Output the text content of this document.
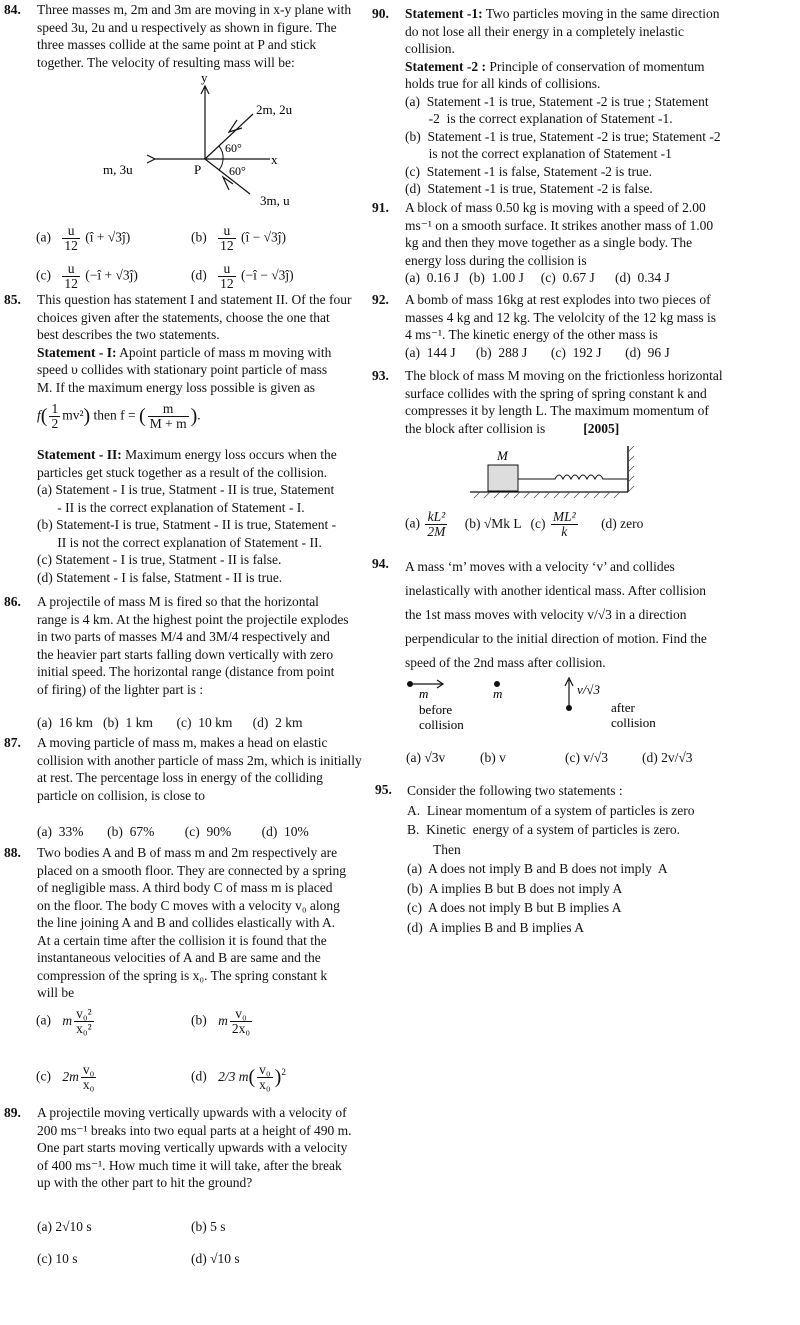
84. Three masses m, 2m and 3m are moving in x-y plane with
speed 3u, 2u and u respectively as shown in figure. The
three masses collide at the same point at P and stick
together. The velocity of resulting mass will be:
y
x
m, 3u	P
2m, 2u
3m, u
60°
60°
$(a) \frac{u}{12}$ (î + √3ĵ)	$(b) \frac{u}{12}$ (î − √3ĵ)
$(c) \frac{u}{12}$ (−î + √3ĵ)	$(d) \frac{u}{12}$ (−î − √3ĵ)
85. This question has statement I and statement II. Of the four
choices given after the statements, choose the one that
best describes the two statements.
Statement - I: Apoint particle of mass m moving with
speed υ collides with stationary point particle of mass
M. If the maximum energy loss possible is given as
$f( \frac{1}{2} mv^2)$ then f = ( $\frac{m}{M + m}$ ).
Statement - II: Maximum energy loss occurs when the
particles get stuck together as a result of the collision.
(a) Statement - I is true, Statment - II is true, Statement
- II is the correct explanation of Statement - I.
(b) Statement-I is true, Statment - II is true, Statement -
II is not the correct explanation of Statement - II.
(c) Statement - I is true, Statment - II is false.
(d) Statement - I is false, Statment - II is true.
86. A projectile of mass M is fired so that the horizontal
range is 4 km. At the highest point the projectile explodes
in two parts of masses M/4 and 3M/4 respectively and
the heavier part starts falling down vertically with zero
initial speed. The horizontal range (distance from point
of firing) of the lighter part is :
(a)  16 km   (b)  1 km       (c)  10 km      (d)  2 km
87. A moving particle of mass m, makes a head on elastic
collision with another particle of mass 2m, which is initially
at rest. The percentage loss in energy of the colliding
particle on collision, is close to
(a)  33%       (b)  67%         (c)  90%         (d)  10%
88. Two bodies A and B of mass m and 2m respectively are
placed on a smooth floor. They are connected by a spring
of negligible mass. A third body C of mass m is placed
on the floor. The body C moves with a velocity v₀ along
the line joining A and B and collides elastically with A.
At a certain time after the collision it is found that the
instantaneous velocities of A and B are same and the
compression of the spring is x₀. The spring constant k
will be
(a) m $\frac{\text{v₀²}}{\text{x₀²}}$	(b) m $\frac{\text{v₀}}{\text{2x₀}}$
(c) $2m \frac{\text{v₀}}{\text{x₀}}$	(d) 2/3 $m( \frac{\text{v₀}}{\text{x₀}} )^2$
89. A projectile moving vertically upwards with a velocity of
200 ms⁻¹ breaks into two equal parts at a height of 490 m.
One part starts moving vertically upwards with a velocity
of 400 ms⁻¹. How much time it will take, after the break
up with the other part to hit the ground?
(a) 2√10 s	(b) 5 s
(c) 10 s	(d) √10 s
90. Statement -1: Two particles moving in the same direction
do not lose all their energy in a completely inelastic
collision.
Statement -2 : Principle of conservation of momentum
holds true for all kinds of collisions.
(a)  Statement -1 is true, Statement -2 is true ; Statement
-2  is the correct explanation of Statement -1.
(b)  Statement -1 is true, Statement -2 is true; Statement -2
is not the correct explanation of Statement -1
(c)  Statement -1 is false, Statement -2 is true.
(d)  Statement -1 is true, Statement -2 is false.
91. A block of mass 0.50 kg is moving with a speed of 2.00
ms⁻¹ on a smooth surface. It strikes another mass of 1.00
kg and then they move together as a single body. The
energy loss during the collision is
(a)  0.16 J   (b)  1.00 J     (c)  0.67 J      (d)  0.34 J
92. A bomb of mass 16kg at rest explodes into two pieces of
masses 4 kg and 12 kg. The velolcity of the 12 kg mass is
4 ms⁻¹. The kinetic energy of the other mass is
(a)  144 J      (b)  288 J       (c)  192 J       (d)  96 J
93. The block of mass M moving on the frictionless horizontal
surface collides with the spring of spring constant k and
compresses it by length L. The maximum momentum of
the block after collision is	[2005]
M
$(a) \frac{\text{kL²}}{2M} (b)$ √Mk L $(c) \frac{\text{ML²}}{k} (d)$ zero
94. A mass ‘m’ moves with a velocity ‘v’ and collides
inelastically with another identical mass. After collision
the 1st mass moves with velocity v/√3 in a direction
perpendicular to the initial direction of motion. Find the
speed of the 2nd mass after collision.
m	m
before
collision
v/√3
after
collision
(a) √3v	(b) v	(c) v/√3	(d) 2v/√3
95. Consider the following two statements :
A.  Linear momentum of a system of particles is zero
B.  Kinetic  energy of a system of particles is zero.
Then
(a)  A does not imply B and B does not imply  A
(b)  A implies B but B does not imply A
(c)  A does not imply B but B implies A
(d)  A implies B and B implies A
